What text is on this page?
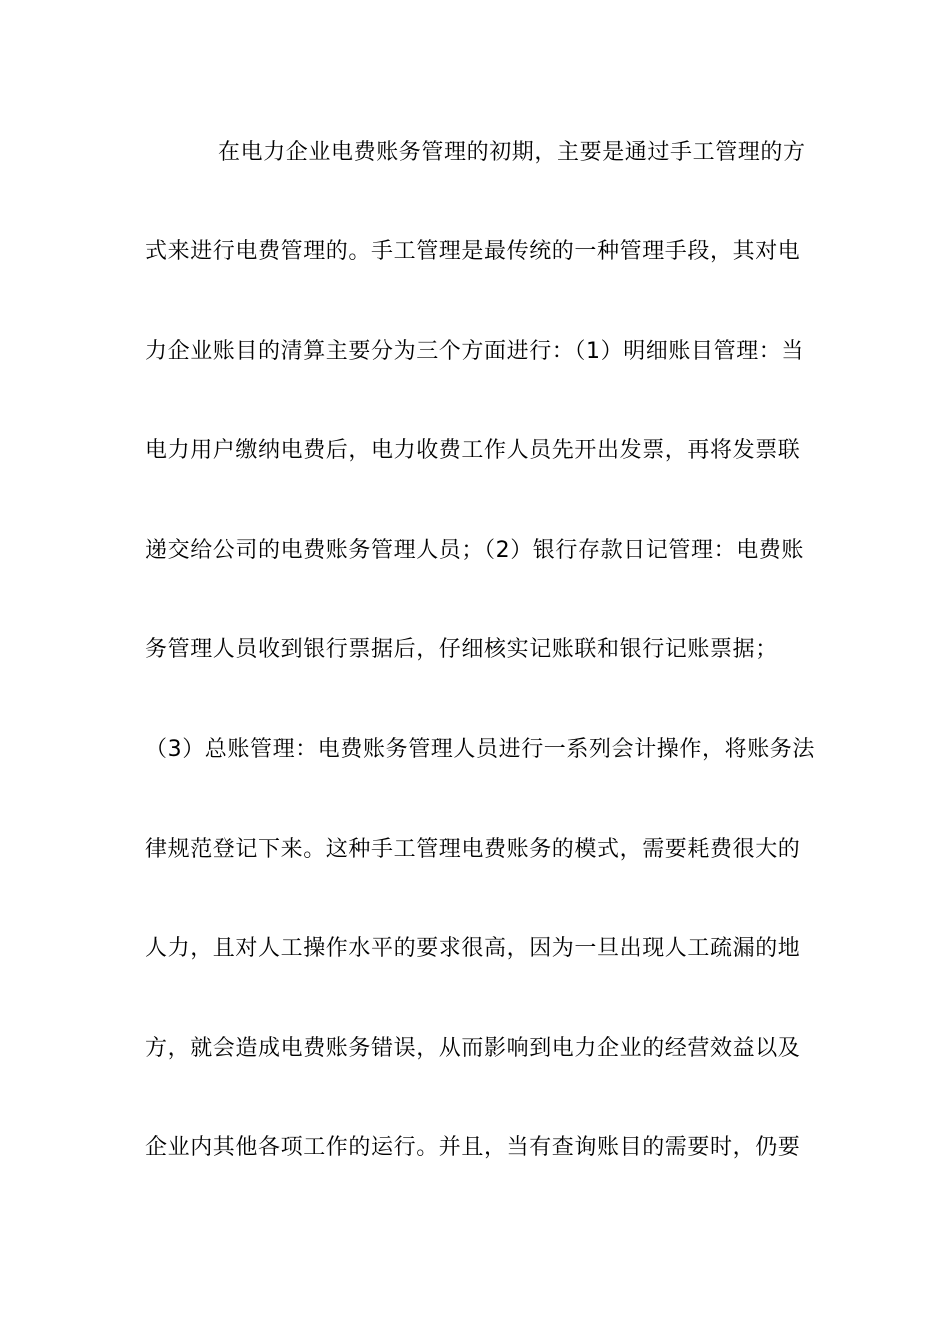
在电力企业电费账务管理的初期，主要是通过手工管理的方
式来进行电费管理的。手工管理是最传统的一种管理手段，其对电
力企业账目的清算主要分为三个方面进行：（1）明细账目管理：当
电力用户缴纳电费后，电力收费工作人员先开出发票，再将发票联
递交给公司的电费账务管理人员；（2）银行存款日记管理：电费账
务管理人员收到银行票据后，仔细核实记账联和银行记账票据；
（3）总账管理：电费账务管理人员进行一系列会计操作，将账务法
律规范登记下来。这种手工管理电费账务的模式，需要耗费很大的
人力，且对人工操作水平的要求很高，因为一旦出现人工疏漏的地
方，就会造成电费账务错误，从而影响到电力企业的经营效益以及
企业内其他各项工作的运行。并且，当有查询账目的需要时，仍要
